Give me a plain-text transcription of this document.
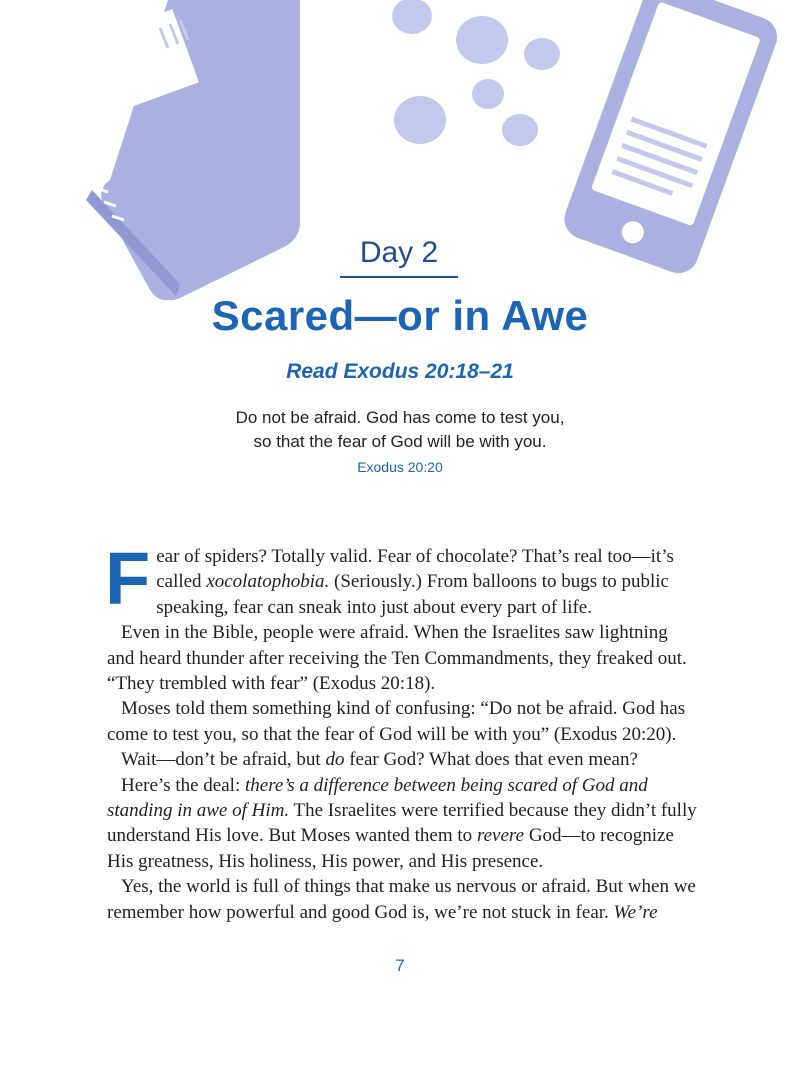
Day 2
Scared—or in Awe
Read Exodus 20:18–21
Do not be afraid. God has come to test you,
so that the fear of God will be with you.
Exodus 20:20

Fear of spiders? Totally valid. Fear of chocolate? That’s real too—it’s called xocolatophobia. (Seriously.) From balloons to bugs to public speaking, fear can sneak into just about every part of life.

Even in the Bible, people were afraid. When the Israelites saw lightning and heard thunder after receiving the Ten Commandments, they freaked out. “They trembled with fear” (Exodus 20:18).

Moses told them something kind of confusing: “Do not be afraid. God has come to test you, so that the fear of God will be with you” (Exodus 20:20).

Wait—don’t be afraid, but do fear God? What does that even mean?

Here’s the deal: there’s a difference between being scared of God and standing in awe of Him. The Israelites were terrified because they didn’t fully understand His love. But Moses wanted them to revere God—to recognize His greatness, His holiness, His power, and His presence.

Yes, the world is full of things that make us nervous or afraid. But when we remember how powerful and good God is, we’re not stuck in fear. We’re

7
